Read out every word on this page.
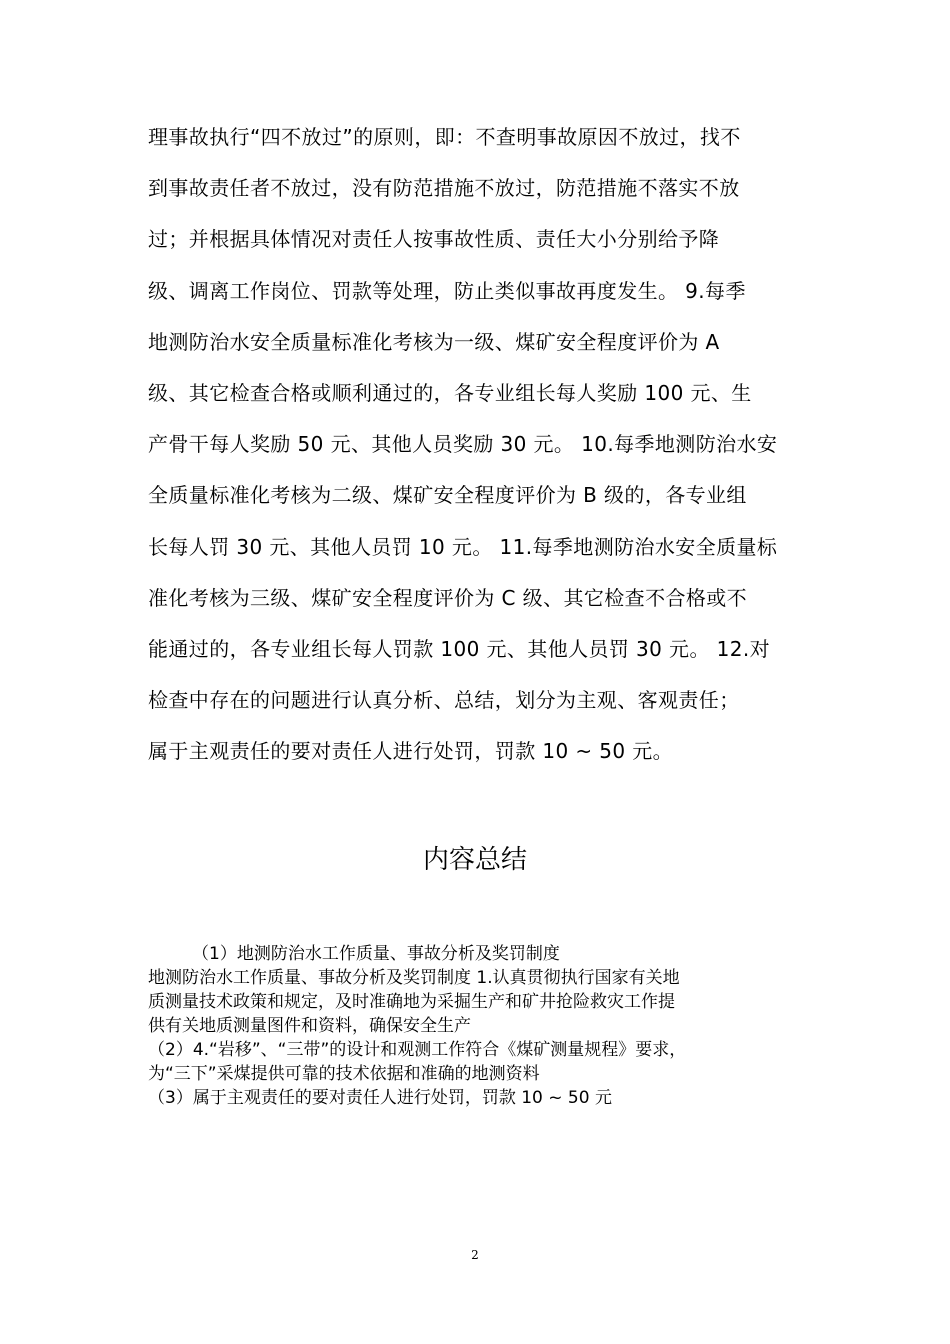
理事故执行“四不放过”的原则，即：不查明事故原因不放过，找不
到事故责任者不放过，没有防范措施不放过，防范措施不落实不放
过；并根据具体情况对责任人按事故性质、责任大小分别给予降
级、调离工作岗位、罚款等处理，防止类似事故再度发生。 9.每季
地测防治水安全质量标准化考核为一级、煤矿安全程度评价为 A
级、其它检查合格或顺利通过的，各专业组长每人奖励 100 元、生
产骨干每人奖励 50 元、其他人员奖励 30 元。 10.每季地测防治水安
全质量标准化考核为二级、煤矿安全程度评价为 B 级的，各专业组
长每人罚 30 元、其他人员罚 10 元。 11.每季地测防治水安全质量标
准化考核为三级、煤矿安全程度评价为 C 级、其它检查不合格或不
能通过的，各专业组长每人罚款 100 元、其他人员罚 30 元。 12.对
检查中存在的问题进行认真分析、总结，划分为主观、客观责任；
属于主观责任的要对责任人进行处罚，罚款 10 ~ 50 元。

内容总结
（1）地测防治水工作质量、事故分析及奖罚制度
地测防治水工作质量、事故分析及奖罚制度 1.认真贯彻执行国家有关地
质测量技术政策和规定，及时准确地为采掘生产和矿井抢险救灾工作提
供有关地质测量图件和资料，确保安全生产
（2）4.“岩移”、“三带”的设计和观测工作符合《煤矿测量规程》要求，
为“三下”采煤提供可靠的技术依据和准确的地测资料
（3）属于主观责任的要对责任人进行处罚，罚款 10 ~ 50 元
2
